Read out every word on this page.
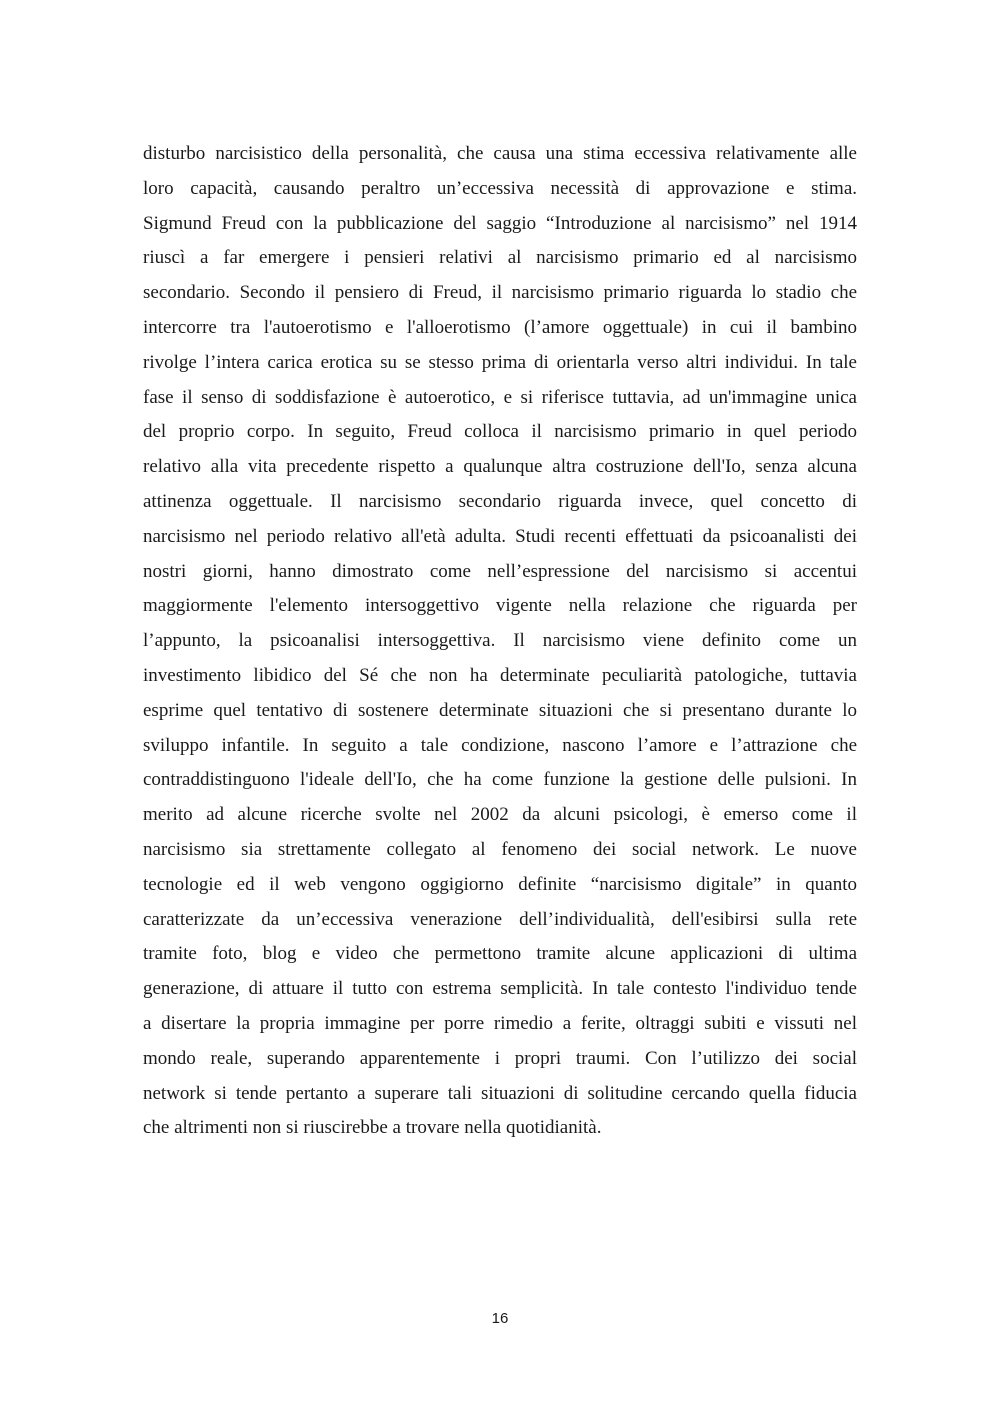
disturbo narcisistico della personalità, che causa una stima eccessiva relativamente alle
loro capacità, causando peraltro un’eccessiva necessità di approvazione e stima.
Sigmund Freud con la pubblicazione del saggio “Introduzione al narcisismo” nel 1914
riuscì a far emergere i pensieri relativi al narcisismo primario ed al narcisismo
secondario. Secondo il pensiero di Freud, il narcisismo primario riguarda lo stadio che
intercorre tra l'autoerotismo e l'alloerotismo (l’amore oggettuale) in cui il bambino
rivolge l’intera carica erotica su se stesso prima di orientarla verso altri individui. In tale
fase il senso di soddisfazione è autoerotico, e si riferisce tuttavia, ad un'immagine unica
del proprio corpo. In seguito, Freud colloca il narcisismo primario in quel periodo
relativo alla vita precedente rispetto a qualunque altra costruzione dell'Io, senza alcuna
attinenza oggettuale. Il narcisismo secondario riguarda invece, quel concetto di
narcisismo nel periodo relativo all'età adulta. Studi recenti effettuati da psicoanalisti dei
nostri giorni, hanno dimostrato come nell’espressione del narcisismo si accentui
maggiormente l'elemento intersoggettivo vigente nella relazione che riguarda per
l’appunto, la psicoanalisi intersoggettiva. Il narcisismo viene definito come un
investimento libidico del Sé che non ha determinate peculiarità patologiche, tuttavia
esprime quel tentativo di sostenere determinate situazioni che si presentano durante lo
sviluppo infantile. In seguito a tale condizione, nascono l’amore e l’attrazione che
contraddistinguono l'ideale dell'Io, che ha come funzione la gestione delle pulsioni. In
merito ad alcune ricerche svolte nel 2002 da alcuni psicologi, è emerso come il
narcisismo sia strettamente collegato al fenomeno dei social network. Le nuove
tecnologie ed il web vengono oggigiorno definite “narcisismo digitale” in quanto
caratterizzate da un’eccessiva venerazione dell’individualità, dell'esibirsi sulla rete
tramite foto, blog e video che permettono tramite alcune applicazioni di ultima
generazione, di attuare il tutto con estrema semplicità. In tale contesto l'individuo tende
a disertare la propria immagine per porre rimedio a ferite, oltraggi subiti e vissuti nel
mondo reale, superando apparentemente i propri traumi. Con l’utilizzo dei social
network si tende pertanto a superare tali situazioni di solitudine cercando quella fiducia
che altrimenti non si riuscirebbe a trovare nella quotidianità.
16
